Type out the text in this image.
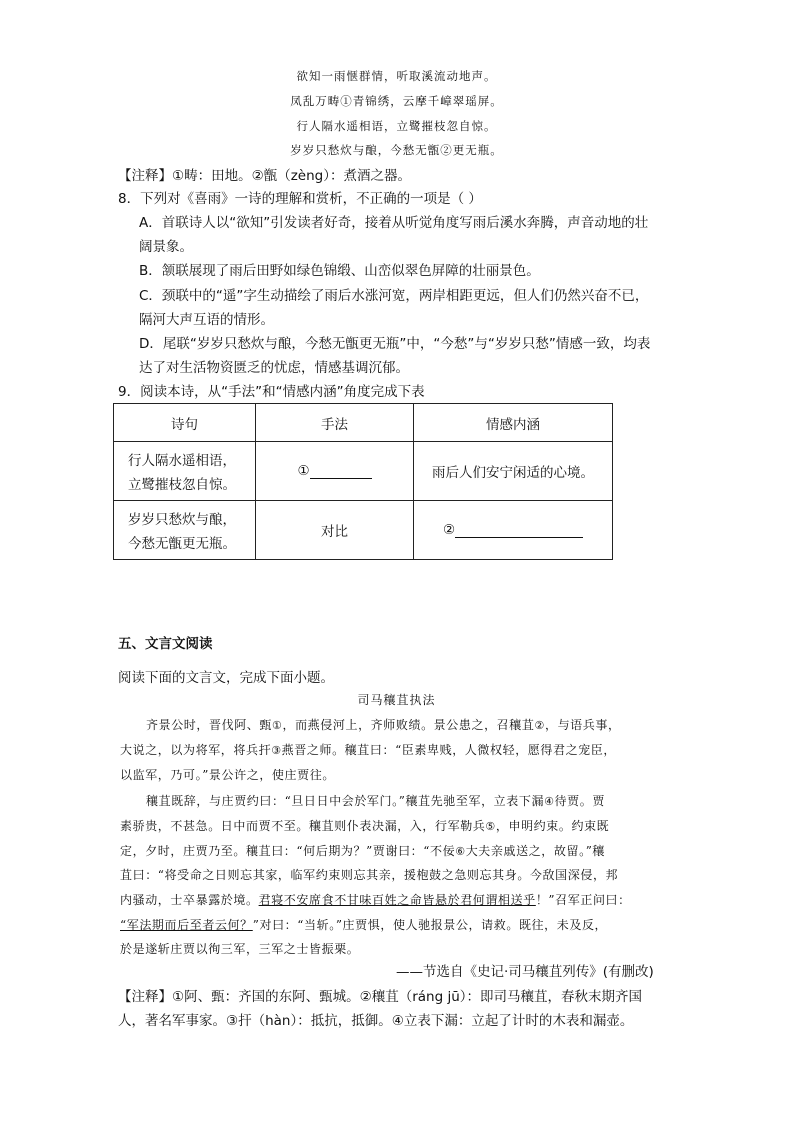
欲知一雨惬群情，听取溪流动地声。
凤乱万畴①青锦绣，云摩千嶂翠瑶屏。
行人隔水遥相语，立鹭摧枝忽自惊。
岁岁只愁炊与酿，今愁无甑②更无瓶。
【注释】①畴：田地。②甑（zèng）：煮酒之器。
8．下列对《喜雨》一诗的理解和赏析，不正确的一项是（ ）
A．首联诗人以“欲知”引发读者好奇，接着从听觉角度写雨后溪水奔腾，声音动地的壮
阔景象。
B．颔联展现了雨后田野如绿色锦缎、山峦似翠色屏障的壮丽景色。
C．颈联中的“遥”字生动描绘了雨后水涨河宽，两岸相距更远，但人们仍然兴奋不已，
隔河大声互语的情形。
D．尾联“岁岁只愁炊与酿，今愁无甑更无瓶”中，“今愁”与“岁岁只愁”情感一致，均表
达了对生活物资匮乏的忧虑，情感基调沉郁。
9．阅读本诗，从“手法”和“情感内涵”角度完成下表
诗句	手法	情感内涵

行人隔水遥相语，
立鹭摧枝忽自惊。	①	雨后人们安宁闲适的心境。

岁岁只愁炊与酿，
今愁无甑更无瓶。	对比	②
五、文言文阅读
阅读下面的文言文，完成下面小题。
司马穰苴执法
齐景公时，晋伐阿、甄①，而燕侵河上，齐师败绩。景公患之，召穰苴②，与语兵事，
大说之，以为将军，将兵扞③燕晋之师。穰苴曰：“臣素卑贱，人微权轻，愿得君之宠臣，
以监军，乃可。”景公许之，使庄贾往。
穰苴既辞，与庄贾约曰：“旦日日中会於军门。”穰苴先驰至军，立表下漏④待贾。贾
素骄贵，不甚急。日中而贾不至。穰苴则仆表决漏，入，行军勒兵⑤，申明约束。约束既
定，夕时，庄贾乃至。穰苴曰：“何后期为？”贾谢曰：“不佞⑥大夫亲戚送之，故留。”穰
苴曰：“将受命之日则忘其家，临军约束则忘其亲，援枹鼓之急则忘其身。今敌国深侵，邦
内骚动，士卒暴露於境。君寝不安席食不甘味百姓之命皆悬於君何谓相送乎！”召军正问曰：
“军法期而后至者云何？”对曰：“当斩。”庄贾惧，使人驰报景公，请救。既往，未及反，
於是遂斩庄贾以徇三军，三军之士皆振栗。
——节选自《史记·司马穰苴列传》(有删改)
【注释】①阿、甄：齐国的东阿、甄城。②穰苴（ráng jū）：即司马穰苴，春秋末期齐国
人，著名军事家。③扞（hàn）：抵抗，抵御。④立表下漏：立起了计时的木表和漏壶。
